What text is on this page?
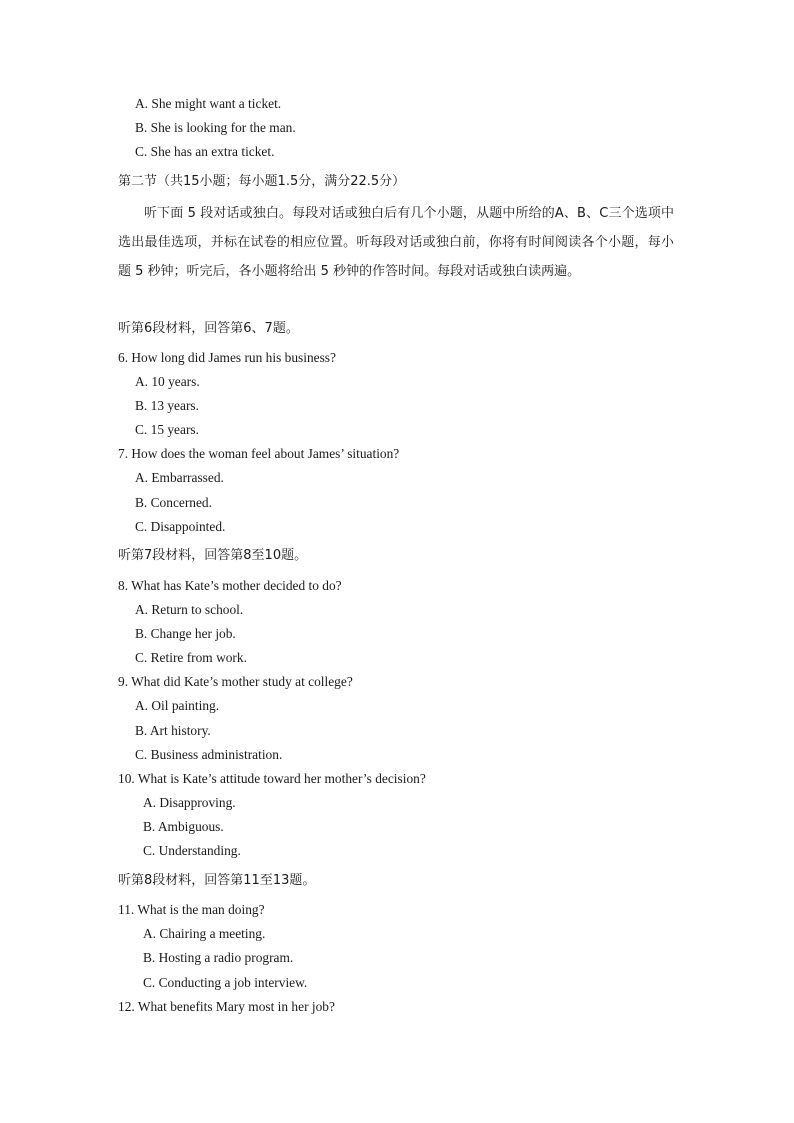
A. She might want a ticket.
B. She is looking for the man.
C. She has an extra ticket.
第二节（共15小题；每小题1.5分，满分22.5分）
听下面 5 段对话或独白。每段对话或独白后有几个小题，从题中所给的A、B、C三个选项中选出最佳选项，并标在试卷的相应位置。听每段对话或独白前，你将有时间阅读各个小题，每小题 5 秒钟；听完后，各小题将给出 5 秒钟的作答时间。每段对话或独白读两遍。
听第6段材料，回答第6、7题。
6. How long did James run his business?
A. 10 years.
B. 13 years.
C. 15 years.
7. How does the woman feel about James’ situation?
A. Embarrassed.
B. Concerned.
C. Disappointed.
听第7段材料，回答第8至10题。
8. What has Kate’s mother decided to do?
A. Return to school.
B. Change her job.
C. Retire from work.
9. What did Kate’s mother study at college?
A. Oil painting.
B. Art history.
C. Business administration.
10. What is Kate’s attitude toward her mother’s decision?
A. Disapproving.
B. Ambiguous.
C. Understanding.
听第8段材料，回答第11至13题。
11. What is the man doing?
A. Chairing a meeting.
B. Hosting a radio program.
C. Conducting a job interview.
12. What benefits Mary most in her job?
